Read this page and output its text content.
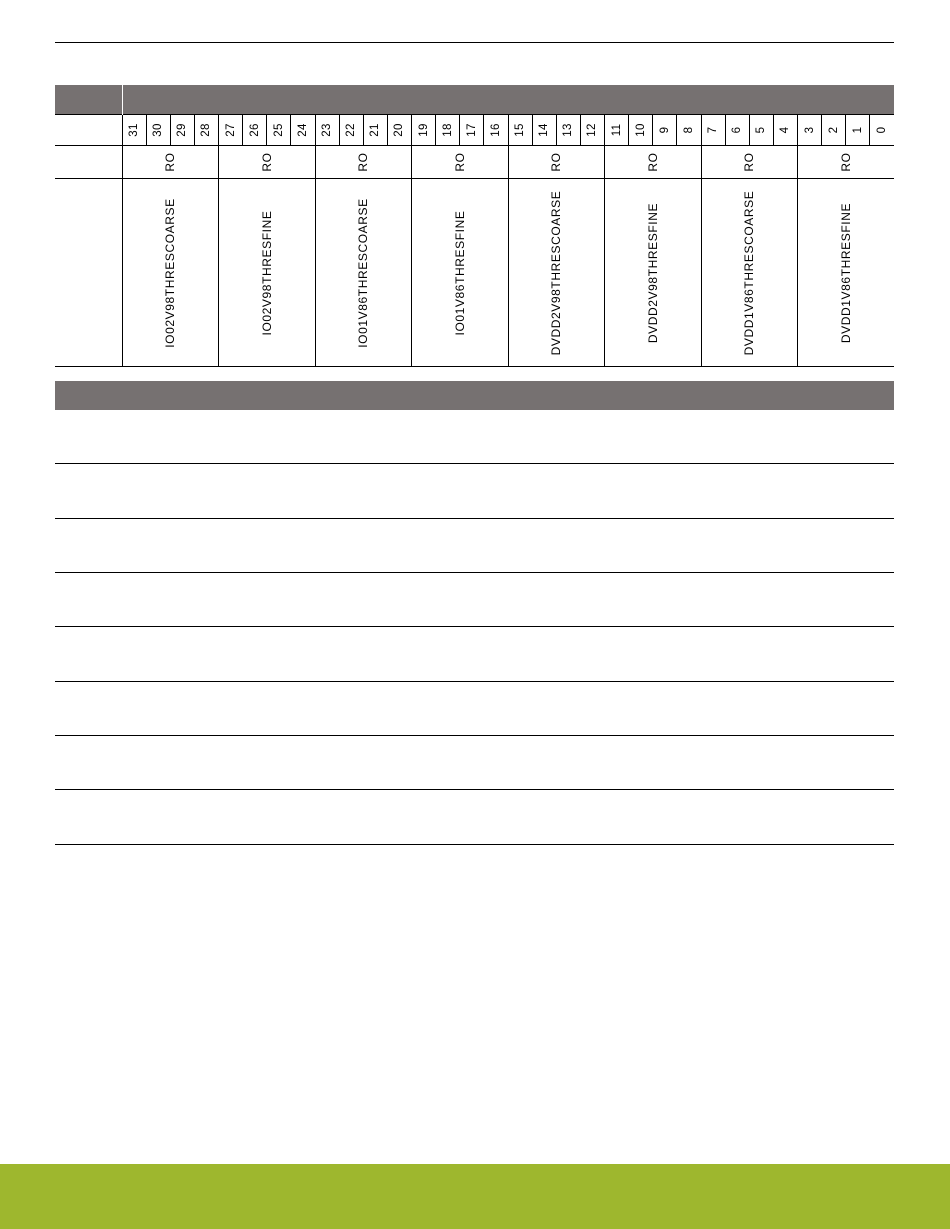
	31	30	29	28	27	26	25	24	23	22	21	20	19	18	17	16	15	14	13	12	11	10	9	8	7	6	5	4	3	2	1	0

	RO				RO				RO				RO				RO				RO				RO				RO			

	IO02V98THRESCOARSE				IO02V98THRESFINE				IO01V86THRESCOARSE				IO01V86THRESFINE				DVDD2V98THRESCOARSE				DVDD2V98THRESFINE				DVDD1V86THRESCOARSE				DVDD1V86THRESFINE			
